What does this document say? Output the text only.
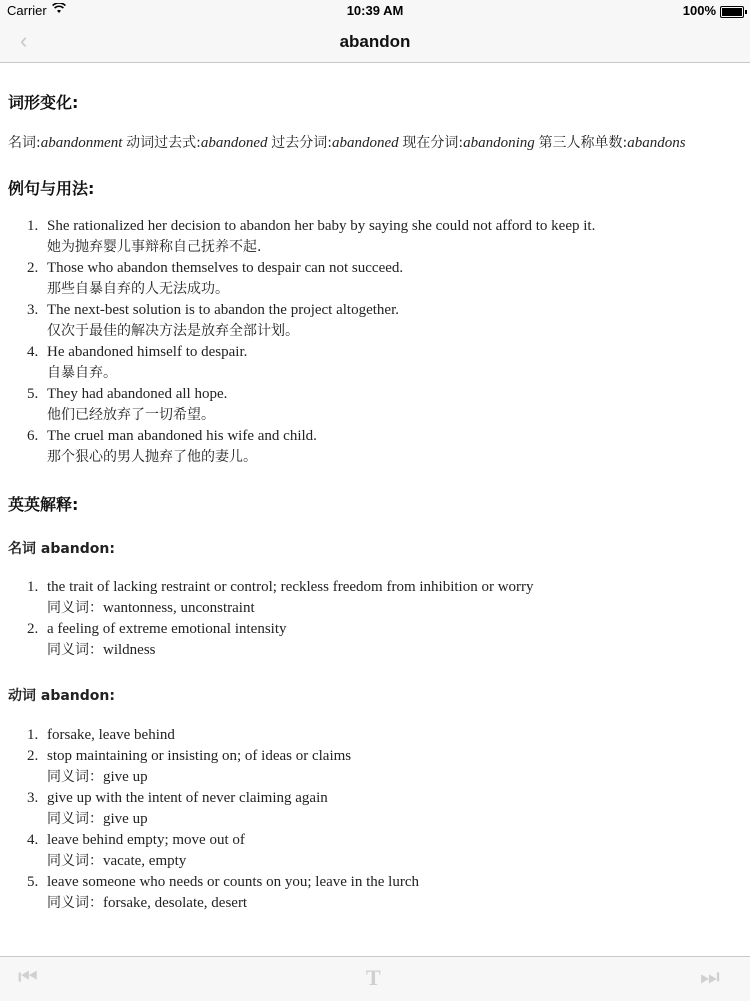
Carrier	10:39 AM	100%
‹	abandon
词形变化:
名词:abandonment 动词过去式:abandoned 过去分词:abandoned 现在分词:abandoning 第三人称单数:abandons
例句与用法:
1. She rationalized her decision to abandon her baby by saying she could not afford to keep it.
她为抛弃婴儿事辩称自己抚养不起.
2. Those who abandon themselves to despair can not succeed.
那些自暴自弃的人无法成功。
3. The next-best solution is to abandon the project altogether.
仅次于最佳的解决方法是放弃全部计划。
4. He abandoned himself to despair.
自暴自弃。
5. They had abandoned all hope.
他们已经放弃了一切希望。
6. The cruel man abandoned his wife and child.
那个狠心的男人抛弃了他的妻儿。
英英解释:
名词 abandon:
1. the trait of lacking restraint or control; reckless freedom from inhibition or worry
同义词：wantonness, unconstraint
2. a feeling of extreme emotional intensity
同义词：wildness
动词 abandon:
1. forsake, leave behind
2. stop maintaining or insisting on; of ideas or claims
同义词：give up
3. give up with the intent of never claiming again
同义词：give up
4. leave behind empty; move out of
同义词：vacate, empty
5. leave someone who needs or counts on you; leave in the lurch
同义词：forsake, desolate, desert
⏮	T	⏭
